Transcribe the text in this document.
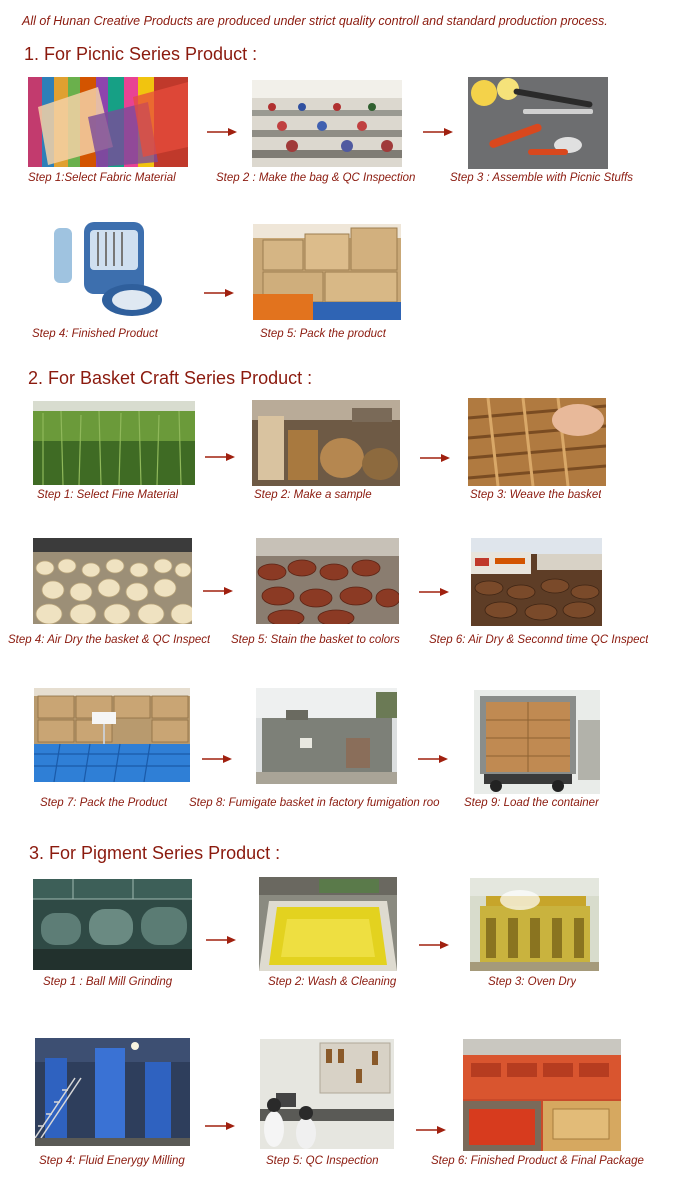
All of Hunan Creative Products are produced under strict quality controll and standard production process.
1. For Picnic Series Product :
Step 1:Select Fabric Material	Step 2 : Make the bag & QC Inspection	Step 3 : Assemble with Picnic Stuffs
Step 4: Finished Product	Step 5: Pack the product
2. For Basket Craft Series Product :
Step 1: Select Fine Material	Step 2: Make a sample	Step 3: Weave the basket
Step 4: Air Dry the basket & QC Inspect Step 5: Stain the basket to colors	Step 6: Air Dry & Seconnd time QC Inspect
Step 7: Pack the Product Step 8: Fumigate basket in factory fumigation roo	Step 9: Load the container
3. For Pigment Series Product :
Step 1 : Ball Mill Grinding	Step 2: Wash & Cleaning	Step 3: Oven Dry
Step 4: Fluid Enerygy Milling	Step 5: QC Inspection	Step 6: Finished Product & Final Package
